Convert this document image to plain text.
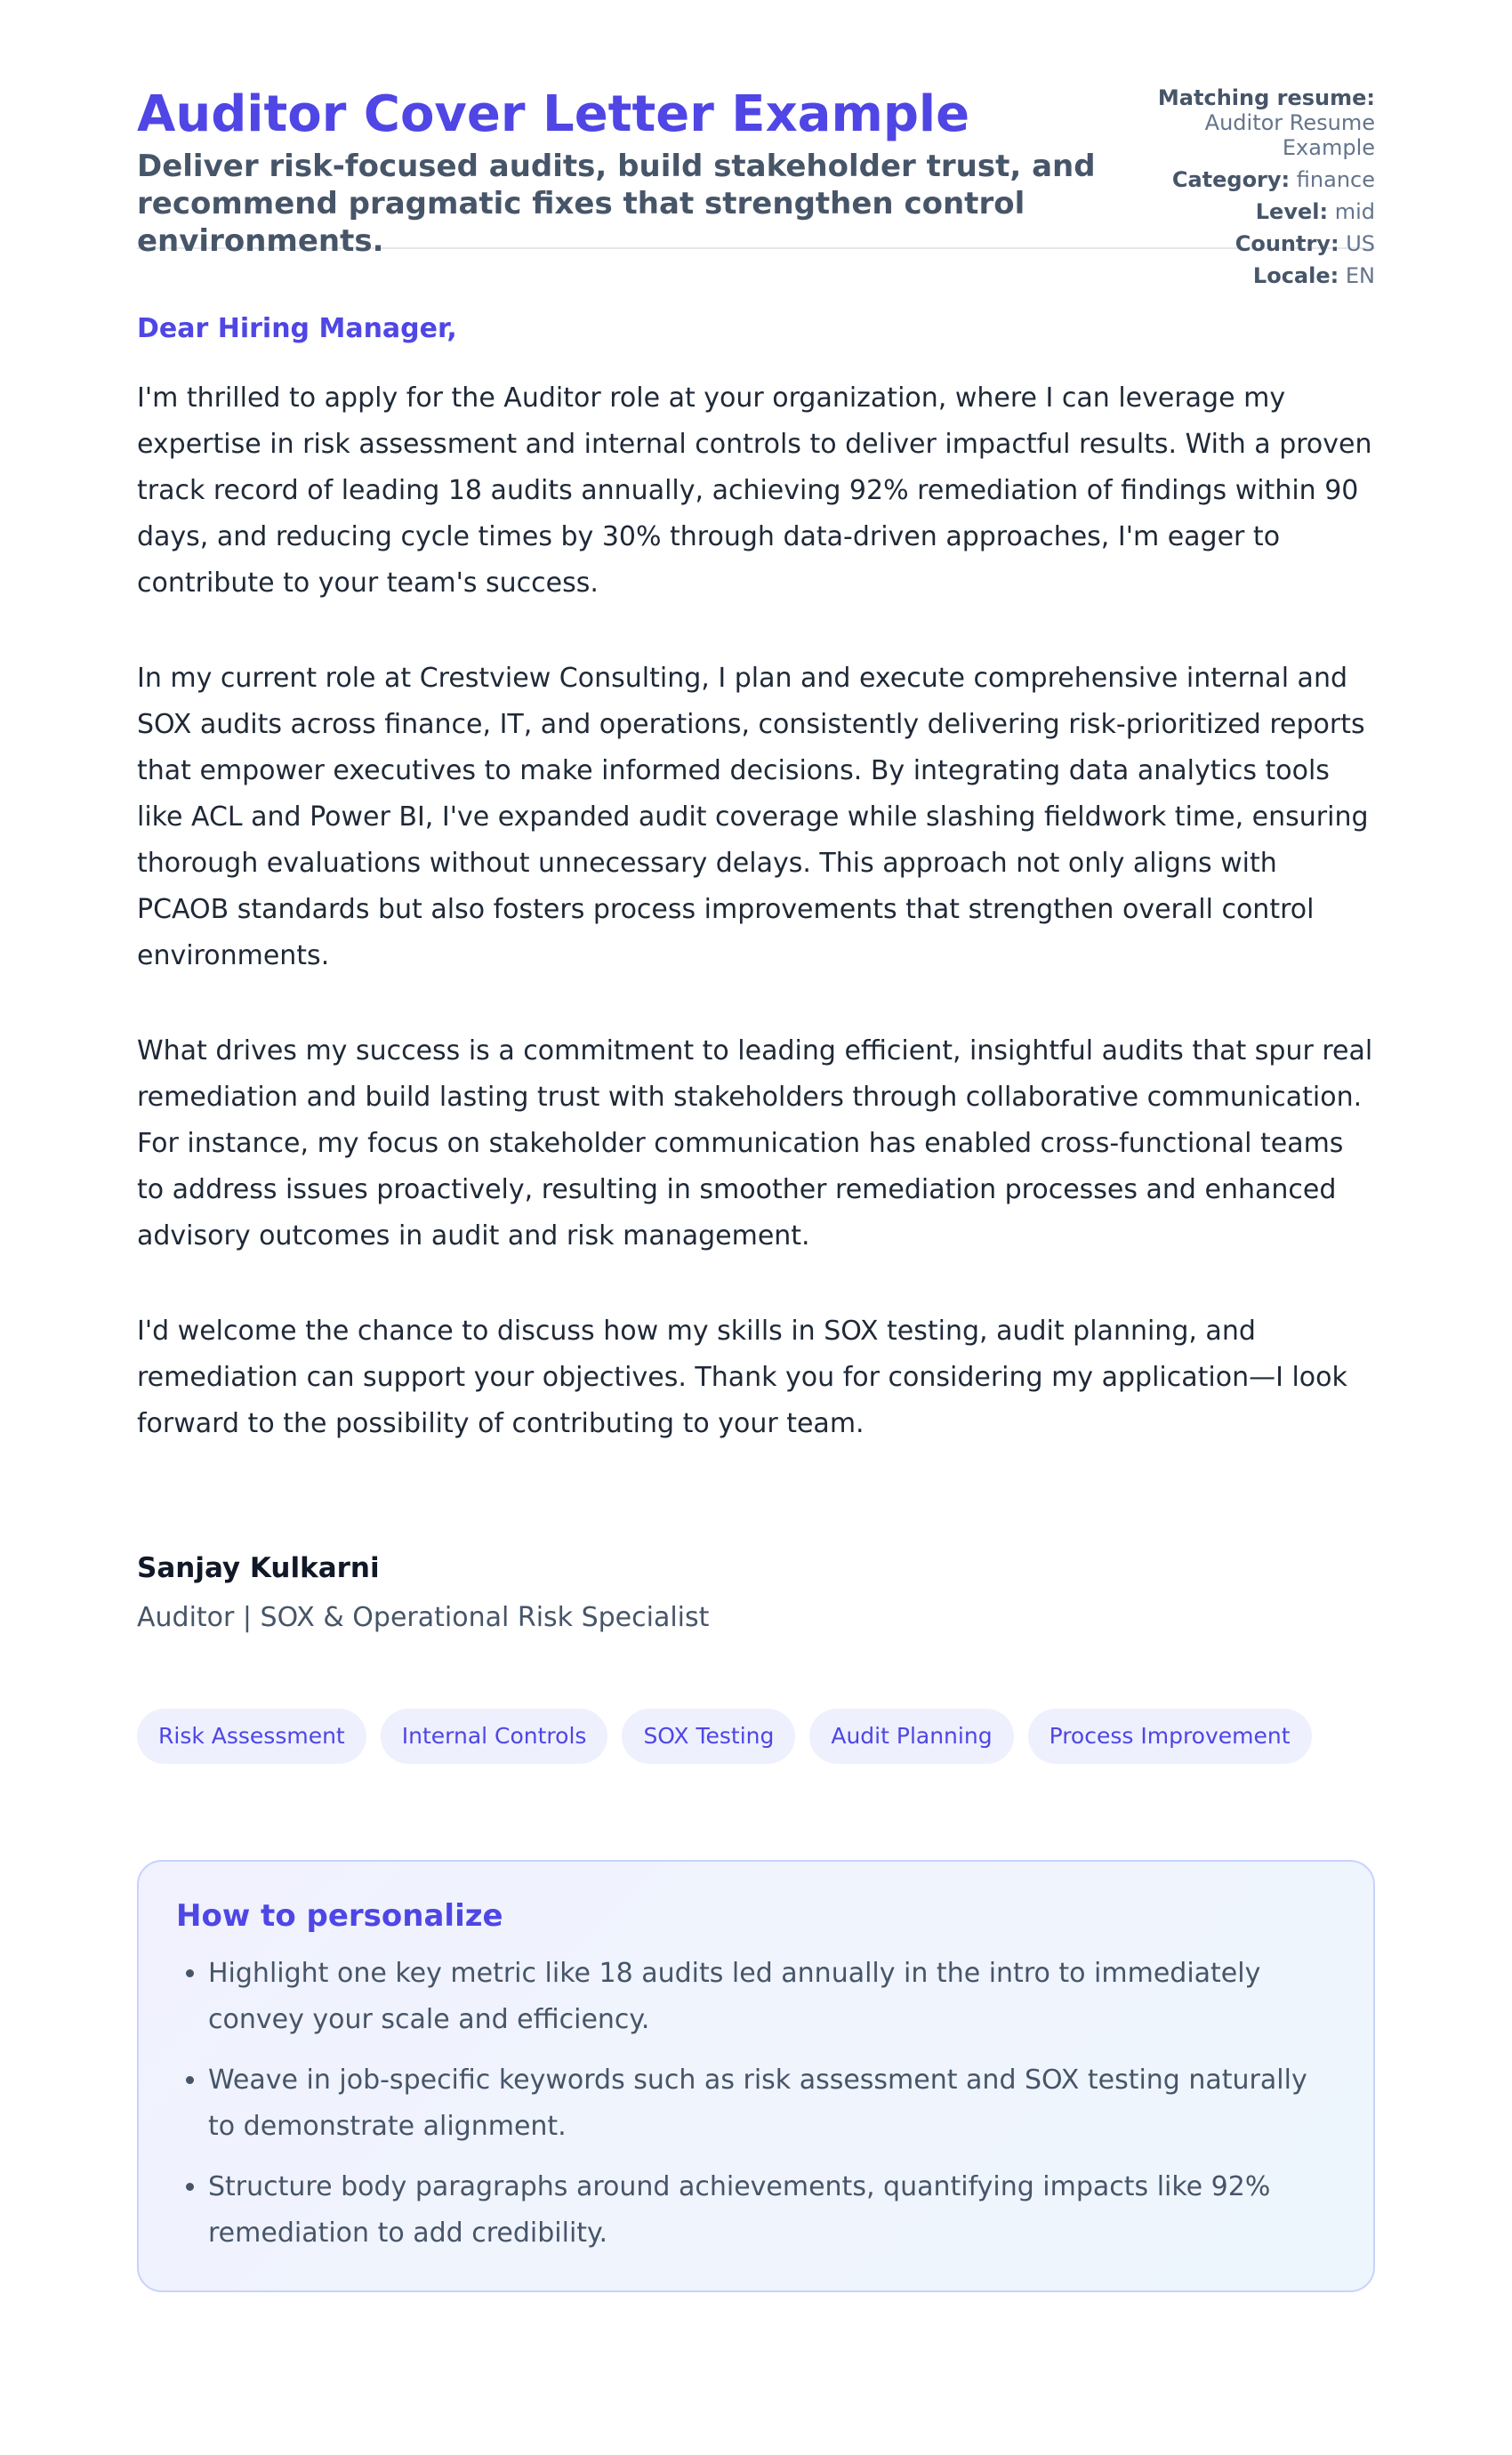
Auditor Cover Letter Example
Deliver risk-focused audits, build stakeholder trust, and recommend pragmatic fixes that strengthen control environments.
Matching resume: Auditor Resume Example
Category: finance
Level: mid
Country: US
Locale: EN
Dear Hiring Manager,
I'm thrilled to apply for the Auditor role at your organization, where I can leverage my expertise in risk assessment and internal controls to deliver impactful results. With a proven track record of leading 18 audits annually, achieving 92% remediation of findings within 90 days, and reducing cycle times by 30% through data-driven approaches, I'm eager to contribute to your team's success.
In my current role at Crestview Consulting, I plan and execute comprehensive internal and SOX audits across finance, IT, and operations, consistently delivering risk-prioritized reports that empower executives to make informed decisions. By integrating data analytics tools like ACL and Power BI, I've expanded audit coverage while slashing fieldwork time, ensuring thorough evaluations without unnecessary delays. This approach not only aligns with PCAOB standards but also fosters process improvements that strengthen overall control environments.
What drives my success is a commitment to leading efficient, insightful audits that spur real remediation and build lasting trust with stakeholders through collaborative communication. For instance, my focus on stakeholder communication has enabled cross-functional teams to address issues proactively, resulting in smoother remediation processes and enhanced advisory outcomes in audit and risk management.
I'd welcome the chance to discuss how my skills in SOX testing, audit planning, and remediation can support your objectives. Thank you for considering my application—I look forward to the possibility of contributing to your team.
Sanjay Kulkarni
Auditor | SOX & Operational Risk Specialist
Risk Assessment	Internal Controls	SOX Testing	Audit Planning	Process Improvement
How to personalize
• Highlight one key metric like 18 audits led annually in the intro to immediately convey your scale and efficiency.
• Weave in job-specific keywords such as risk assessment and SOX testing naturally to demonstrate alignment.
• Structure body paragraphs around achievements, quantifying impacts like 92% remediation to add credibility.
